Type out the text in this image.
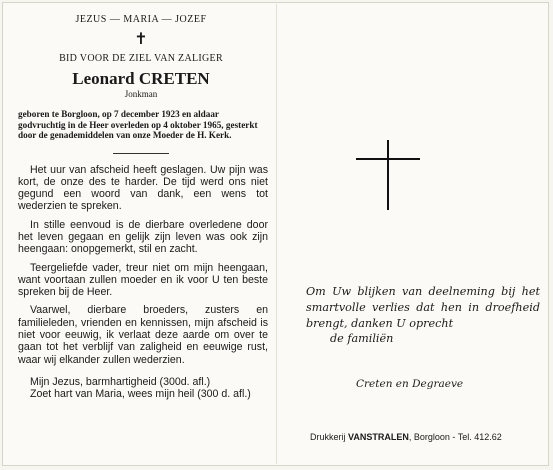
JEZUS — MARIA — JOZEF
✝
BID VOOR DE ZIEL VAN ZALIGER
Leonard CRETEN
Jonkman
geboren te Borgloon, op 7 december 1923 en aldaar godvruchtig in de Heer overleden op 4 oktober 1965, gesterkt door de genademiddelen van onze Moeder de H. Kerk.
Het uur van afscheid heeft geslagen. Uw pijn was kort, de onze des te harder. De tijd werd ons niet gegund een woord van dank, een wens tot wederzien te spreken.
In stille eenvoud is de dierbare overledene door het leven gegaan en gelijk zijn leven was ook zijn heengaan: onopgemerkt, stil en zacht.
Teergeliefde vader, treur niet om mijn heengaan, want voortaan zullen moeder en ik voor U ten beste spreken bij de Heer.
Vaarwel, dierbare broeders, zusters en familieleden, vrienden en kennissen, mijn afscheid is niet voor eeuwig, ik verlaat deze aarde om over te gaan tot het verblijf van zaligheid en eeuwige rust, waar wij elkander zullen wederzien.
Mijn Jezus, barmhartigheid (300d. afl.)
Zoet hart van Maria, wees mijn heil (300 d. afl.)
Om Uw blijken van deelneming bij het smartvolle verlies dat hen in droefheid brengt, danken U oprecht
de familiën
Creten en Degraeve
Drukkerij VANSTRALEN, Borgloon - Tel. 412.62
